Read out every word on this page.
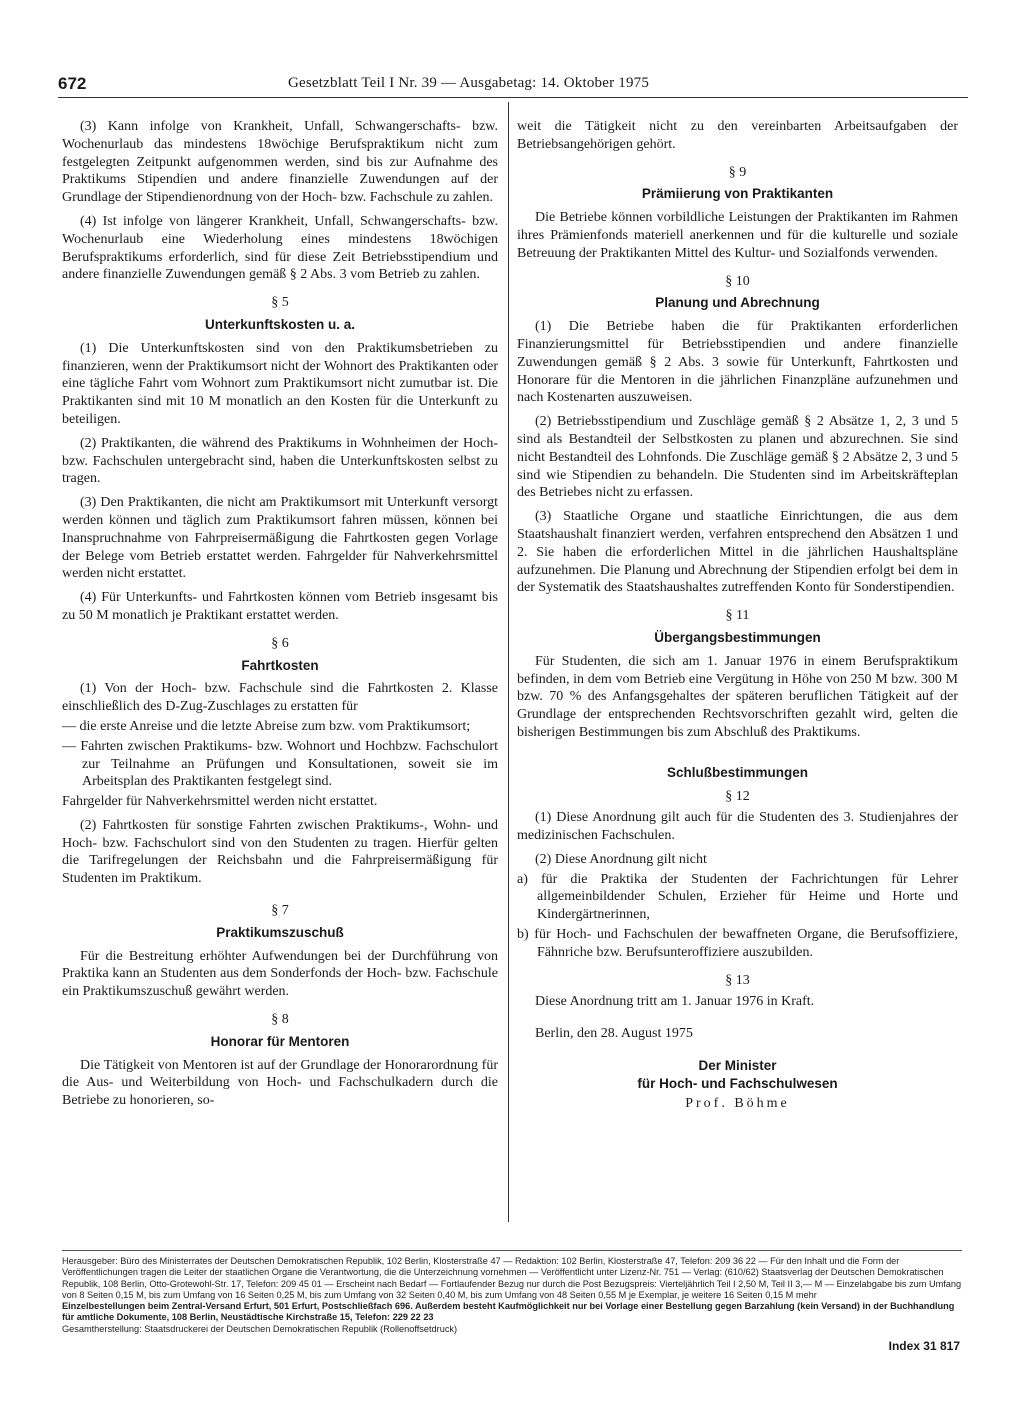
672	Gesetzblatt Teil I Nr. 39 — Ausgabetag: 14. Oktober 1975

(3) Kann infolge von Krankheit, Unfall, Schwangerschafts- bzw. Wochenurlaub das mindestens 18wöchige Berufspraktikum nicht zum festgelegten Zeitpunkt aufgenommen werden, sind bis zur Aufnahme des Praktikums Stipendien und andere finanzielle Zuwendungen auf der Grundlage der Stipendienordnung von der Hoch- bzw. Fachschule zu zahlen.

(4) Ist infolge von längerer Krankheit, Unfall, Schwangerschafts- bzw. Wochenurlaub eine Wiederholung eines mindestens 18wöchigen Berufspraktikums erforderlich, sind für diese Zeit Betriebsstipendium und andere finanzielle Zuwendungen gemäß § 2 Abs. 3 vom Betrieb zu zahlen.

§ 5
Unterkunftskosten u. a.

(1) Die Unterkunftskosten sind von den Praktikumsbetrieben zu finanzieren, wenn der Praktikumsort nicht der Wohnort des Praktikanten oder eine tägliche Fahrt vom Wohnort zum Praktikumsort nicht zumutbar ist. Die Praktikanten sind mit 10 M monatlich an den Kosten für die Unterkunft zu beteiligen.

(2) Praktikanten, die während des Praktikums in Wohnheimen der Hoch- bzw. Fachschulen untergebracht sind, haben die Unterkunftskosten selbst zu tragen.

(3) Den Praktikanten, die nicht am Praktikumsort mit Unterkunft versorgt werden können und täglich zum Praktikumsort fahren müssen, können bei Inanspruchnahme von Fahrpreisermäßigung die Fahrtkosten gegen Vorlage der Belege vom Betrieb erstattet werden. Fahrgelder für Nahverkehrsmittel werden nicht erstattet.

(4) Für Unterkunfts- und Fahrtkosten können vom Betrieb insgesamt bis zu 50 M monatlich je Praktikant erstattet werden.

§ 6
Fahrtkosten

(1) Von der Hoch- bzw. Fachschule sind die Fahrtkosten 2. Klasse einschließlich des D-Zug-Zuschlages zu erstatten für

— die erste Anreise und die letzte Abreise zum bzw. vom Praktikumsort;

— Fahrten zwischen Praktikums- bzw. Wohnort und Hochbzw. Fachschulort zur Teilnahme an Prüfungen und Konsultationen, soweit sie im Arbeitsplan des Praktikanten festgelegt sind.

Fahrgelder für Nahverkehrsmittel werden nicht erstattet.

(2) Fahrtkosten für sonstige Fahrten zwischen Praktikums-, Wohn- und Hoch- bzw. Fachschulort sind von den Studenten zu tragen. Hierfür gelten die Tarifregelungen der Reichsbahn und die Fahrpreisermäßigung für Studenten im Praktikum.

§ 7
Praktikumszuschuß

Für die Bestreitung erhöhter Aufwendungen bei der Durchführung von Praktika kann an Studenten aus dem Sonderfonds der Hoch- bzw. Fachschule ein Praktikumszuschuß gewährt werden.

§ 8
Honorar für Mentoren

Die Tätigkeit von Mentoren ist auf der Grundlage der Honorarordnung für die Aus- und Weiterbildung von Hoch- und Fachschulkadern durch die Betriebe zu honorieren, so-

weit die Tätigkeit nicht zu den vereinbarten Arbeitsaufgaben der Betriebsangehörigen gehört.

§ 9
Prämiierung von Praktikanten

Die Betriebe können vorbildliche Leistungen der Praktikanten im Rahmen ihres Prämienfonds materiell anerkennen und für die kulturelle und soziale Betreuung der Praktikanten Mittel des Kultur- und Sozialfonds verwenden.

§ 10
Planung und Abrechnung

(1) Die Betriebe haben die für Praktikanten erforderlichen Finanzierungsmittel für Betriebsstipendien und andere finanzielle Zuwendungen gemäß § 2 Abs. 3 sowie für Unterkunft, Fahrtkosten und Honorare für die Mentoren in die jährlichen Finanzpläne aufzunehmen und nach Kostenarten auszuweisen.

(2) Betriebsstipendium und Zuschläge gemäß § 2 Absätze 1, 2, 3 und 5 sind als Bestandteil der Selbstkosten zu planen und abzurechnen. Sie sind nicht Bestandteil des Lohnfonds. Die Zuschläge gemäß § 2 Absätze 2, 3 und 5 sind wie Stipendien zu behandeln. Die Studenten sind im Arbeitskräfteplan des Betriebes nicht zu erfassen.

(3) Staatliche Organe und staatliche Einrichtungen, die aus dem Staatshaushalt finanziert werden, verfahren entsprechend den Absätzen 1 und 2. Sie haben die erforderlichen Mittel in die jährlichen Haushaltspläne aufzunehmen. Die Planung und Abrechnung der Stipendien erfolgt bei dem in der Systematik des Staatshaushaltes zutreffenden Konto für Sonderstipendien.

§ 11
Übergangsbestimmungen

Für Studenten, die sich am 1. Januar 1976 in einem Berufspraktikum befinden, in dem vom Betrieb eine Vergütung in Höhe von 250 M bzw. 300 M bzw. 70 % des Anfangsgehaltes der späteren beruflichen Tätigkeit auf der Grundlage der entsprechenden Rechtsvorschriften gezahlt wird, gelten die bisherigen Bestimmungen bis zum Abschluß des Praktikums.

Schlußbestimmungen
§ 12

(1) Diese Anordnung gilt auch für die Studenten des 3. Studienjahres der medizinischen Fachschulen.

(2) Diese Anordnung gilt nicht

a) für die Praktika der Studenten der Fachrichtungen für Lehrer allgemeinbildender Schulen, Erzieher für Heime und Horte und Kindergärtnerinnen,

b) für Hoch- und Fachschulen der bewaffneten Organe, die Berufsoffiziere, Fähnriche bzw. Berufsunteroffiziere auszubilden.

§ 13

Diese Anordnung tritt am 1. Januar 1976 in Kraft.

Berlin, den 28. August 1975

Der Minister

für Hoch- und Fachschulwesen

Prof. Böhme

Herausgeber: Büro des Ministerrates der Deutschen Demokratischen Republik, 102 Berlin, Klosterstraße 47 — Redaktion: 102 Berlin, Klosterstraße 47, Telefon: 209 36 22 — Für den Inhalt und die Form der Veröffentlichungen tragen die Leiter der staatlichen Organe die Verantwortung, die die Unterzeichnung vornehmen — Veröffentlicht unter Lizenz-Nr. 751 — Verlag: (610/62) Staatsverlag der Deutschen Demokratischen Republik, 108 Berlin, Otto-Grotewohl-Str. 17, Telefon: 209 45 01 — Erscheint nach Bedarf — Fortlaufender Bezug nur durch die Post Bezugspreis: Vierteljährlich Teil I 2,50 M, Teil II 3,— M — Einzelabgabe bis zum Umfang von 8 Seiten 0,15 M, bis zum Umfang von 16 Seiten 0,25 M, bis zum Umfang von 32 Seiten 0,40 M, bis zum Umfang von 48 Seiten 0,55 M je Exemplar, je weitere 16 Seiten 0,15 M mehr

Einzelbestellungen beim Zentral-Versand Erfurt, 501 Erfurt, Postschließfach 696. Außerdem besteht Kaufmöglichkeit nur bei Vorlage einer Bestellung gegen Barzahlung (kein Versand) in der Buchhandlung für amtliche Dokumente, 108 Berlin, Neustädtische Kirchstraße 15, Telefon: 229 22 23

Gesamtherstellung: Staatsdruckerei der Deutschen Demokratischen Republik (Rollenoffsetdruck)

Index 31 817
